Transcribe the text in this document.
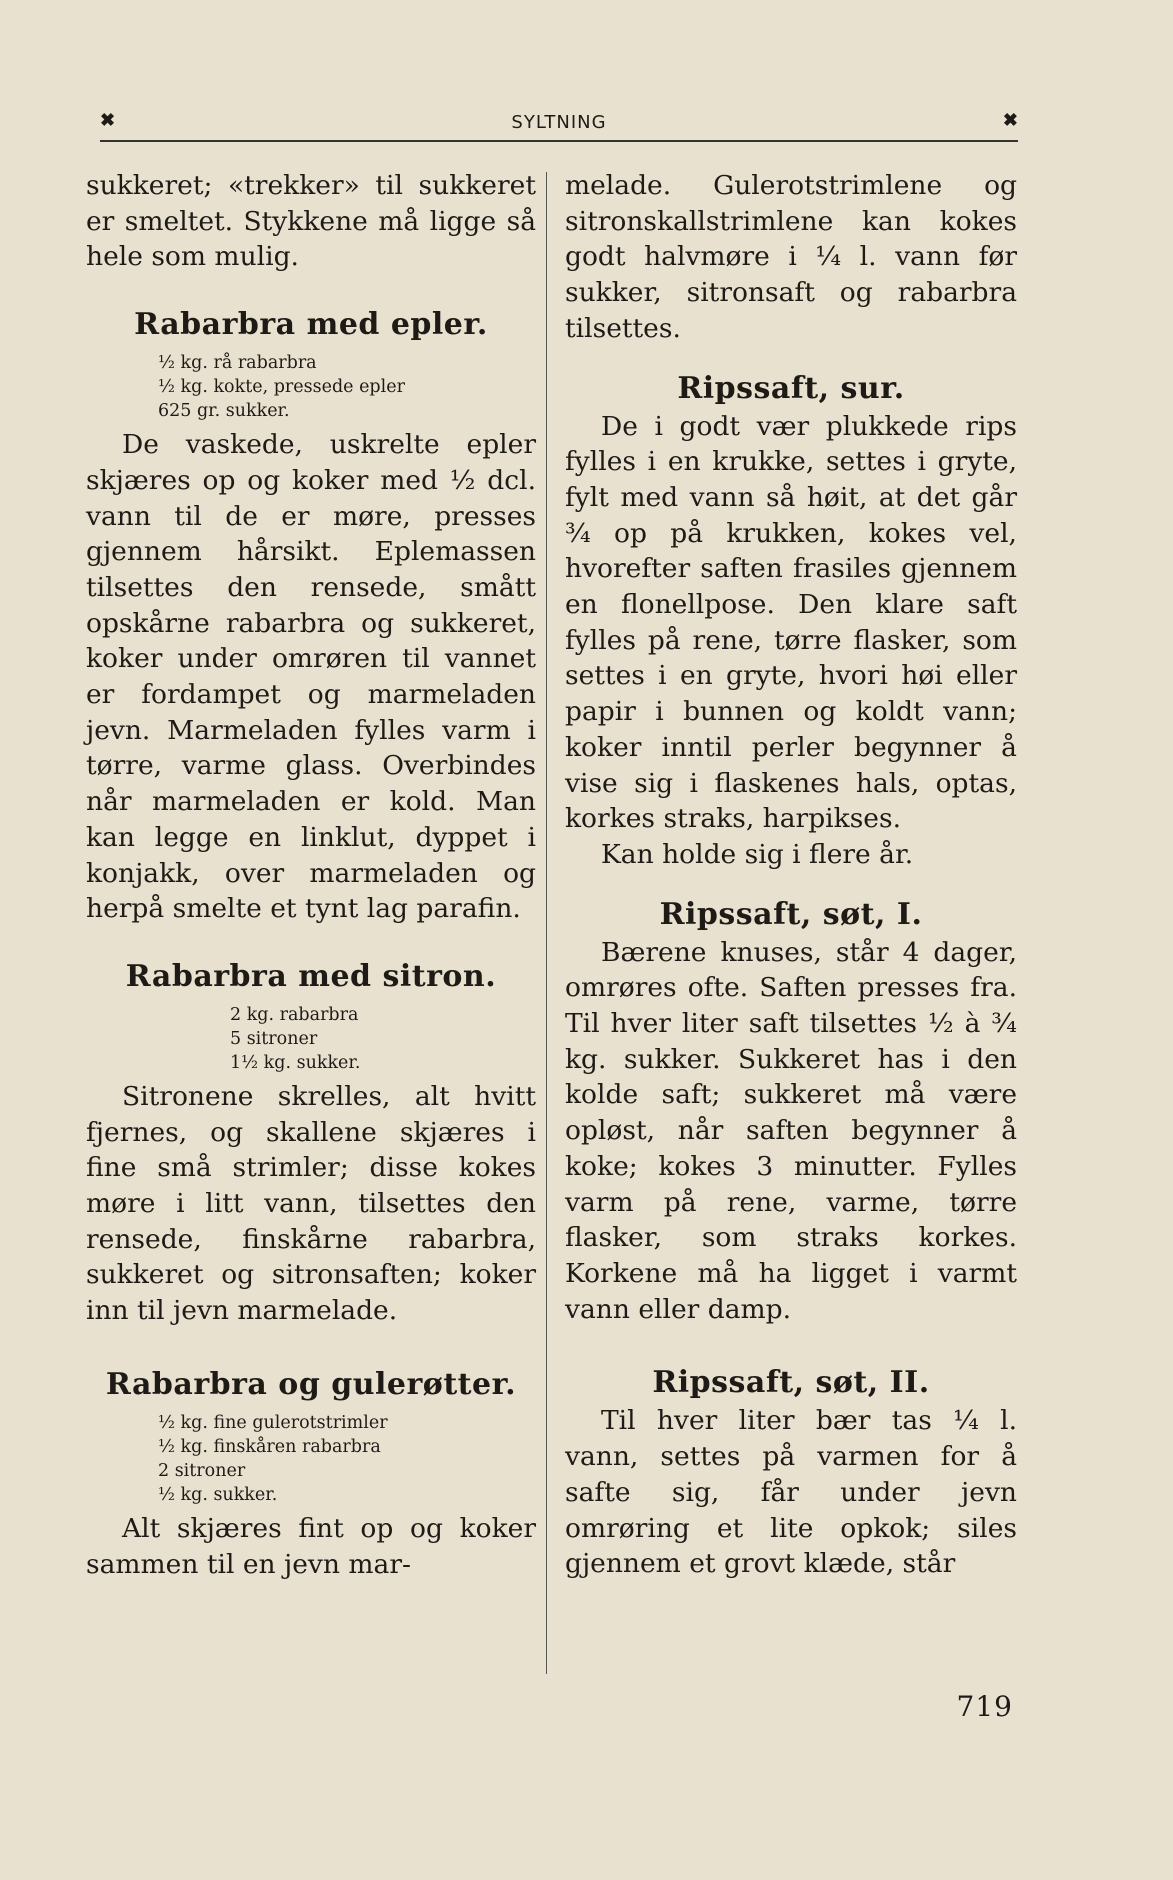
✖	SYLTNING	✖

sukkeret; «trekker» til sukkeret er smeltet. Stykkene må ligge så hele som mulig.

Rabarbra med epler.
½ kg. rå rabarbra
½ kg. kokte, pressede epler
625 gr. sukker.

De vaskede, uskrelte epler skjæres op og koker med ½ dcl. vann til de er møre, presses gjennem hårsikt. Eplemassen tilsettes den rensede, smått opskårne rabarbra og sukkeret, koker under omrøren til vannet er fordampet og marmeladen jevn. Marmeladen fylles varm i tørre, varme glass. Overbindes når marmeladen er kold. Man kan legge en linklut, dyppet i konjakk, over marmeladen og herpå smelte et tynt lag parafin.

Rabarbra med sitron.
2 kg. rabarbra
5 sitroner
1½ kg. sukker.

Sitronene skrelles, alt hvitt fjernes, og skallene skjæres i fine små strimler; disse kokes møre i litt vann, tilsettes den rensede, finskårne rabarbra, sukkeret og sitronsaften; koker inn til jevn marmelade.

Rabarbra og gulerøtter.
½ kg. fine gulerotstrimler
½ kg. finskåren rabarbra
2 sitroner
½ kg. sukker.

Alt skjæres fint op og koker sammen til en jevn mar-

melade. Gulerotstrimlene og sitronskallstrimlene kan kokes godt halvmøre i ¼ l. vann før sukker, sitronsaft og rabarbra tilsettes.

Ripssaft, sur.

De i godt vær plukkede rips fylles i en krukke, settes i gryte, fylt med vann så høit, at det går ¾ op på krukken, kokes vel, hvorefter saften frasiles gjennem en flonellpose. Den klare saft fylles på rene, tørre flasker, som settes i en gryte, hvori høi eller papir i bunnen og koldt vann; koker inntil perler begynner å vise sig i flaskenes hals, optas, korkes straks, harpikses.

Kan holde sig i flere år.

Ripssaft, søt, I.

Bærene knuses, står 4 dager, omrøres ofte. Saften presses fra. Til hver liter saft tilsettes ½ à ¾ kg. sukker. Sukkeret has i den kolde saft; sukkeret må være opløst, når saften begynner å koke; kokes 3 minutter. Fylles varm på rene, varme, tørre flasker, som straks korkes. Korkene må ha ligget i varmt vann eller damp.

Ripssaft, søt, II.

Til hver liter bær tas ¼ l. vann, settes på varmen for å safte sig, får under jevn omrøring et lite opkok; siles gjennem et grovt klæde, står

719
